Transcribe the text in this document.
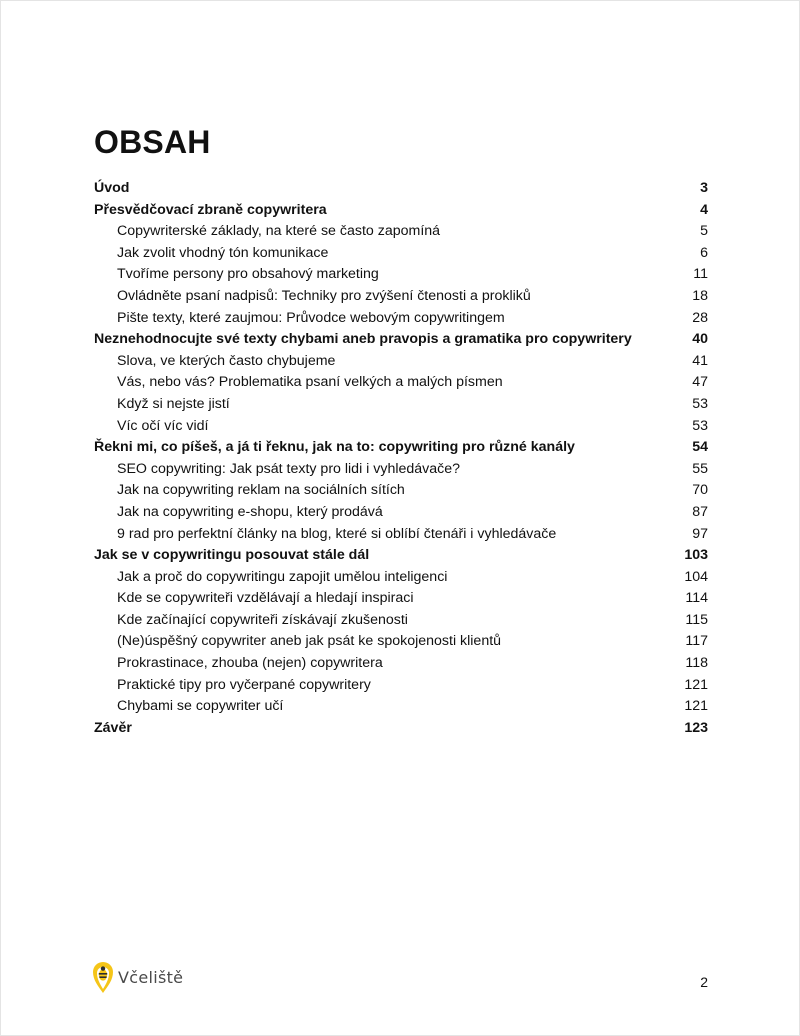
OBSAH
Úvod	3
Přesvědčovací zbraně copywritera	4
Copywriterské základy, na které se často zapomíná	5
Jak zvolit vhodný tón komunikace	6
Tvoříme persony pro obsahový marketing	11
Ovládněte psaní nadpisů: Techniky pro zvýšení čtenosti a prokliků	18
Pište texty, které zaujmou: Průvodce webovým copywritingem	28
Neznehodnocujte své texty chybami aneb pravopis a gramatika pro copywritery	40
Slova, ve kterých často chybujeme	41
Vás, nebo vás? Problematika psaní velkých a malých písmen	47
Když si nejste jistí	53
Víc očí víc vidí	53
Řekni mi, co píšeš, a já ti řeknu, jak na to: copywriting pro různé kanály	54
SEO copywriting: Jak psát texty pro lidi i vyhledávače?	55
Jak na copywriting reklam na sociálních sítích	70
Jak na copywriting e-shopu, který prodává	87
9 rad pro perfektní články na blog, které si oblíbí čtenáři i vyhledávače	97
Jak se v copywritingu posouvat stále dál	103
Jak a proč do copywritingu zapojit umělou inteligenci	104
Kde se copywriteři vzdělávají a hledají inspiraci	114
Kde začínající copywriteři získávají zkušenosti	115
(Ne)úspěšný copywriter aneb jak psát ke spokojenosti klientů	117
Prokrastinace, zhouba (nejen) copywritera	118
Praktické tipy pro vyčerpané copywritery	121
Chybami se copywriter učí	121
Závěr	123
Včeliště	2
